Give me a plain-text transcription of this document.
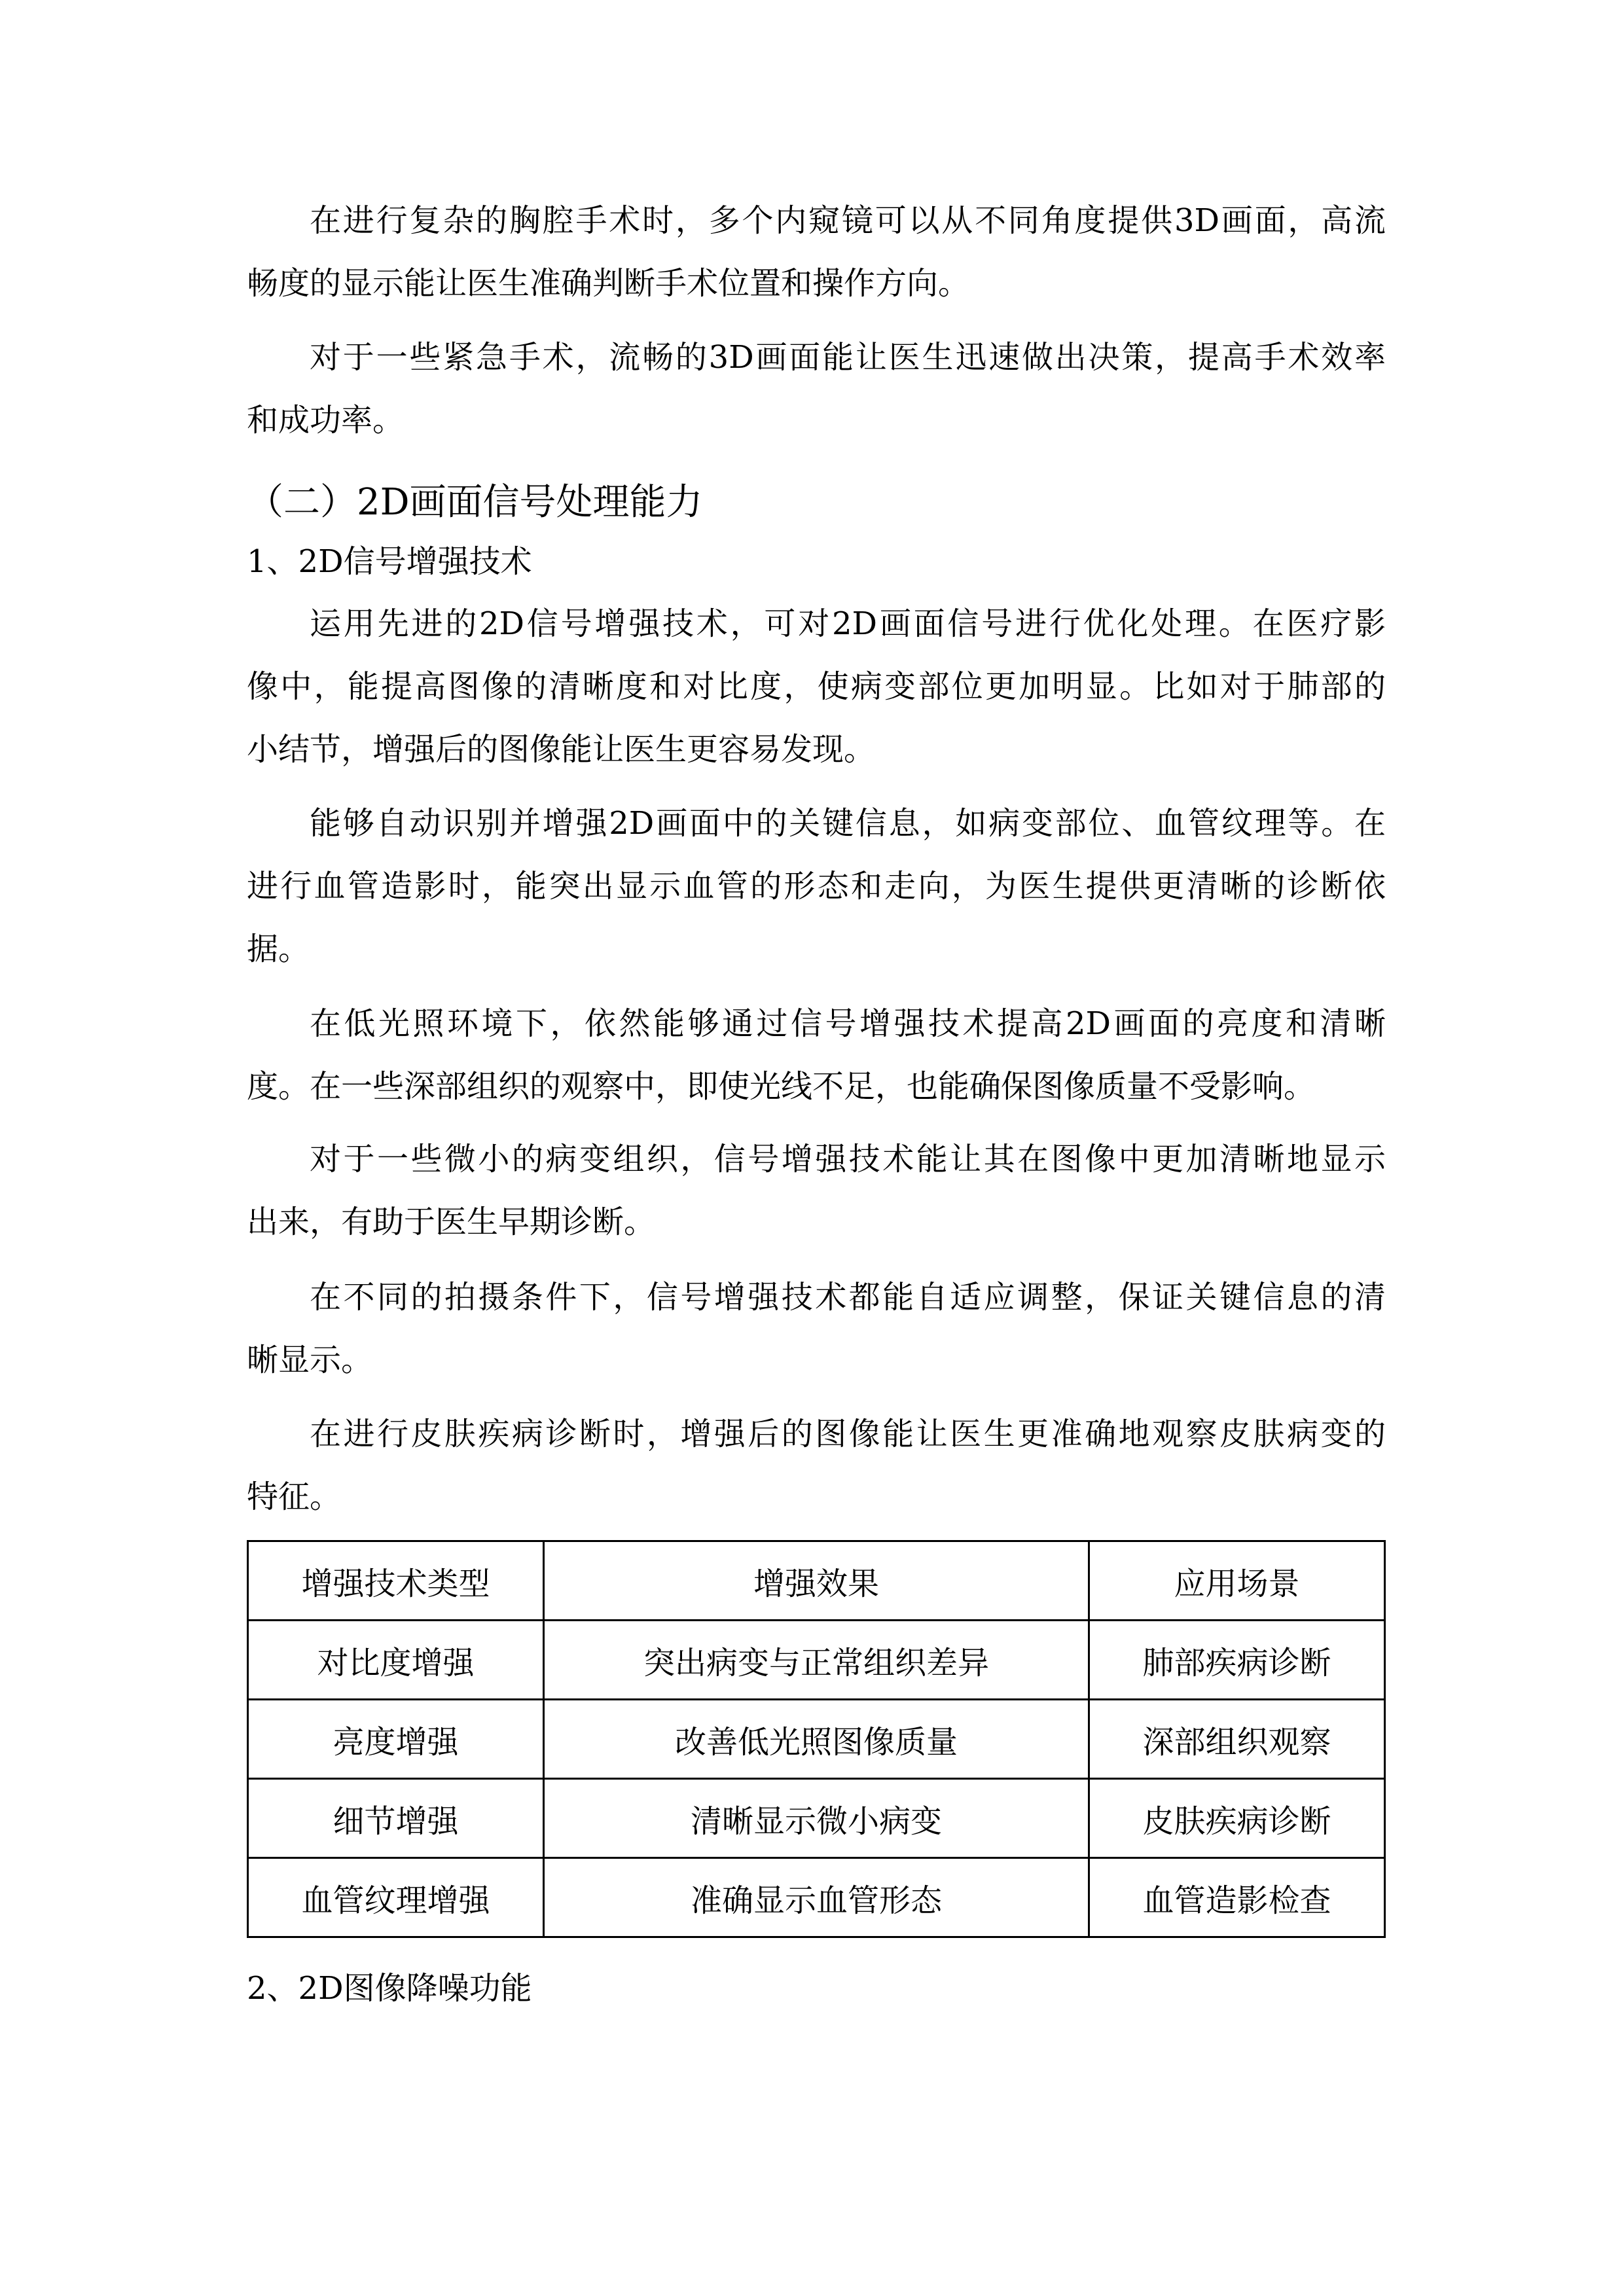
在进行复杂的胸腔手术时，多个内窥镜可以从不同角度提供3D画面，高流
畅度的显示能让医生准确判断手术位置和操作方向。
对于一些紧急手术，流畅的3D画面能让医生迅速做出决策，提高手术效率
和成功率。
（二）2D画面信号处理能力
1、2D信号增强技术
运用先进的2D信号增强技术，可对2D画面信号进行优化处理。在医疗影
像中，能提高图像的清晰度和对比度，使病变部位更加明显。比如对于肺部的
小结节，增强后的图像能让医生更容易发现。
能够自动识别并增强2D画面中的关键信息，如病变部位、血管纹理等。在
进行血管造影时，能突出显示血管的形态和走向，为医生提供更清晰的诊断依
据。
在低光照环境下，依然能够通过信号增强技术提高2D画面的亮度和清晰
度。在一些深部组织的观察中，即使光线不足，也能确保图像质量不受影响。
对于一些微小的病变组织，信号增强技术能让其在图像中更加清晰地显示
出来，有助于医生早期诊断。
在不同的拍摄条件下，信号增强技术都能自适应调整，保证关键信息的清
晰显示。
在进行皮肤疾病诊断时，增强后的图像能让医生更准确地观察皮肤病变的
特征。
增强技术类型	增强效果	应用场景
对比度增强	突出病变与正常组织差异	肺部疾病诊断
亮度增强	改善低光照图像质量	深部组织观察
细节增强	清晰显示微小病变	皮肤疾病诊断
血管纹理增强	准确显示血管形态	血管造影检查
2、2D图像降噪功能
